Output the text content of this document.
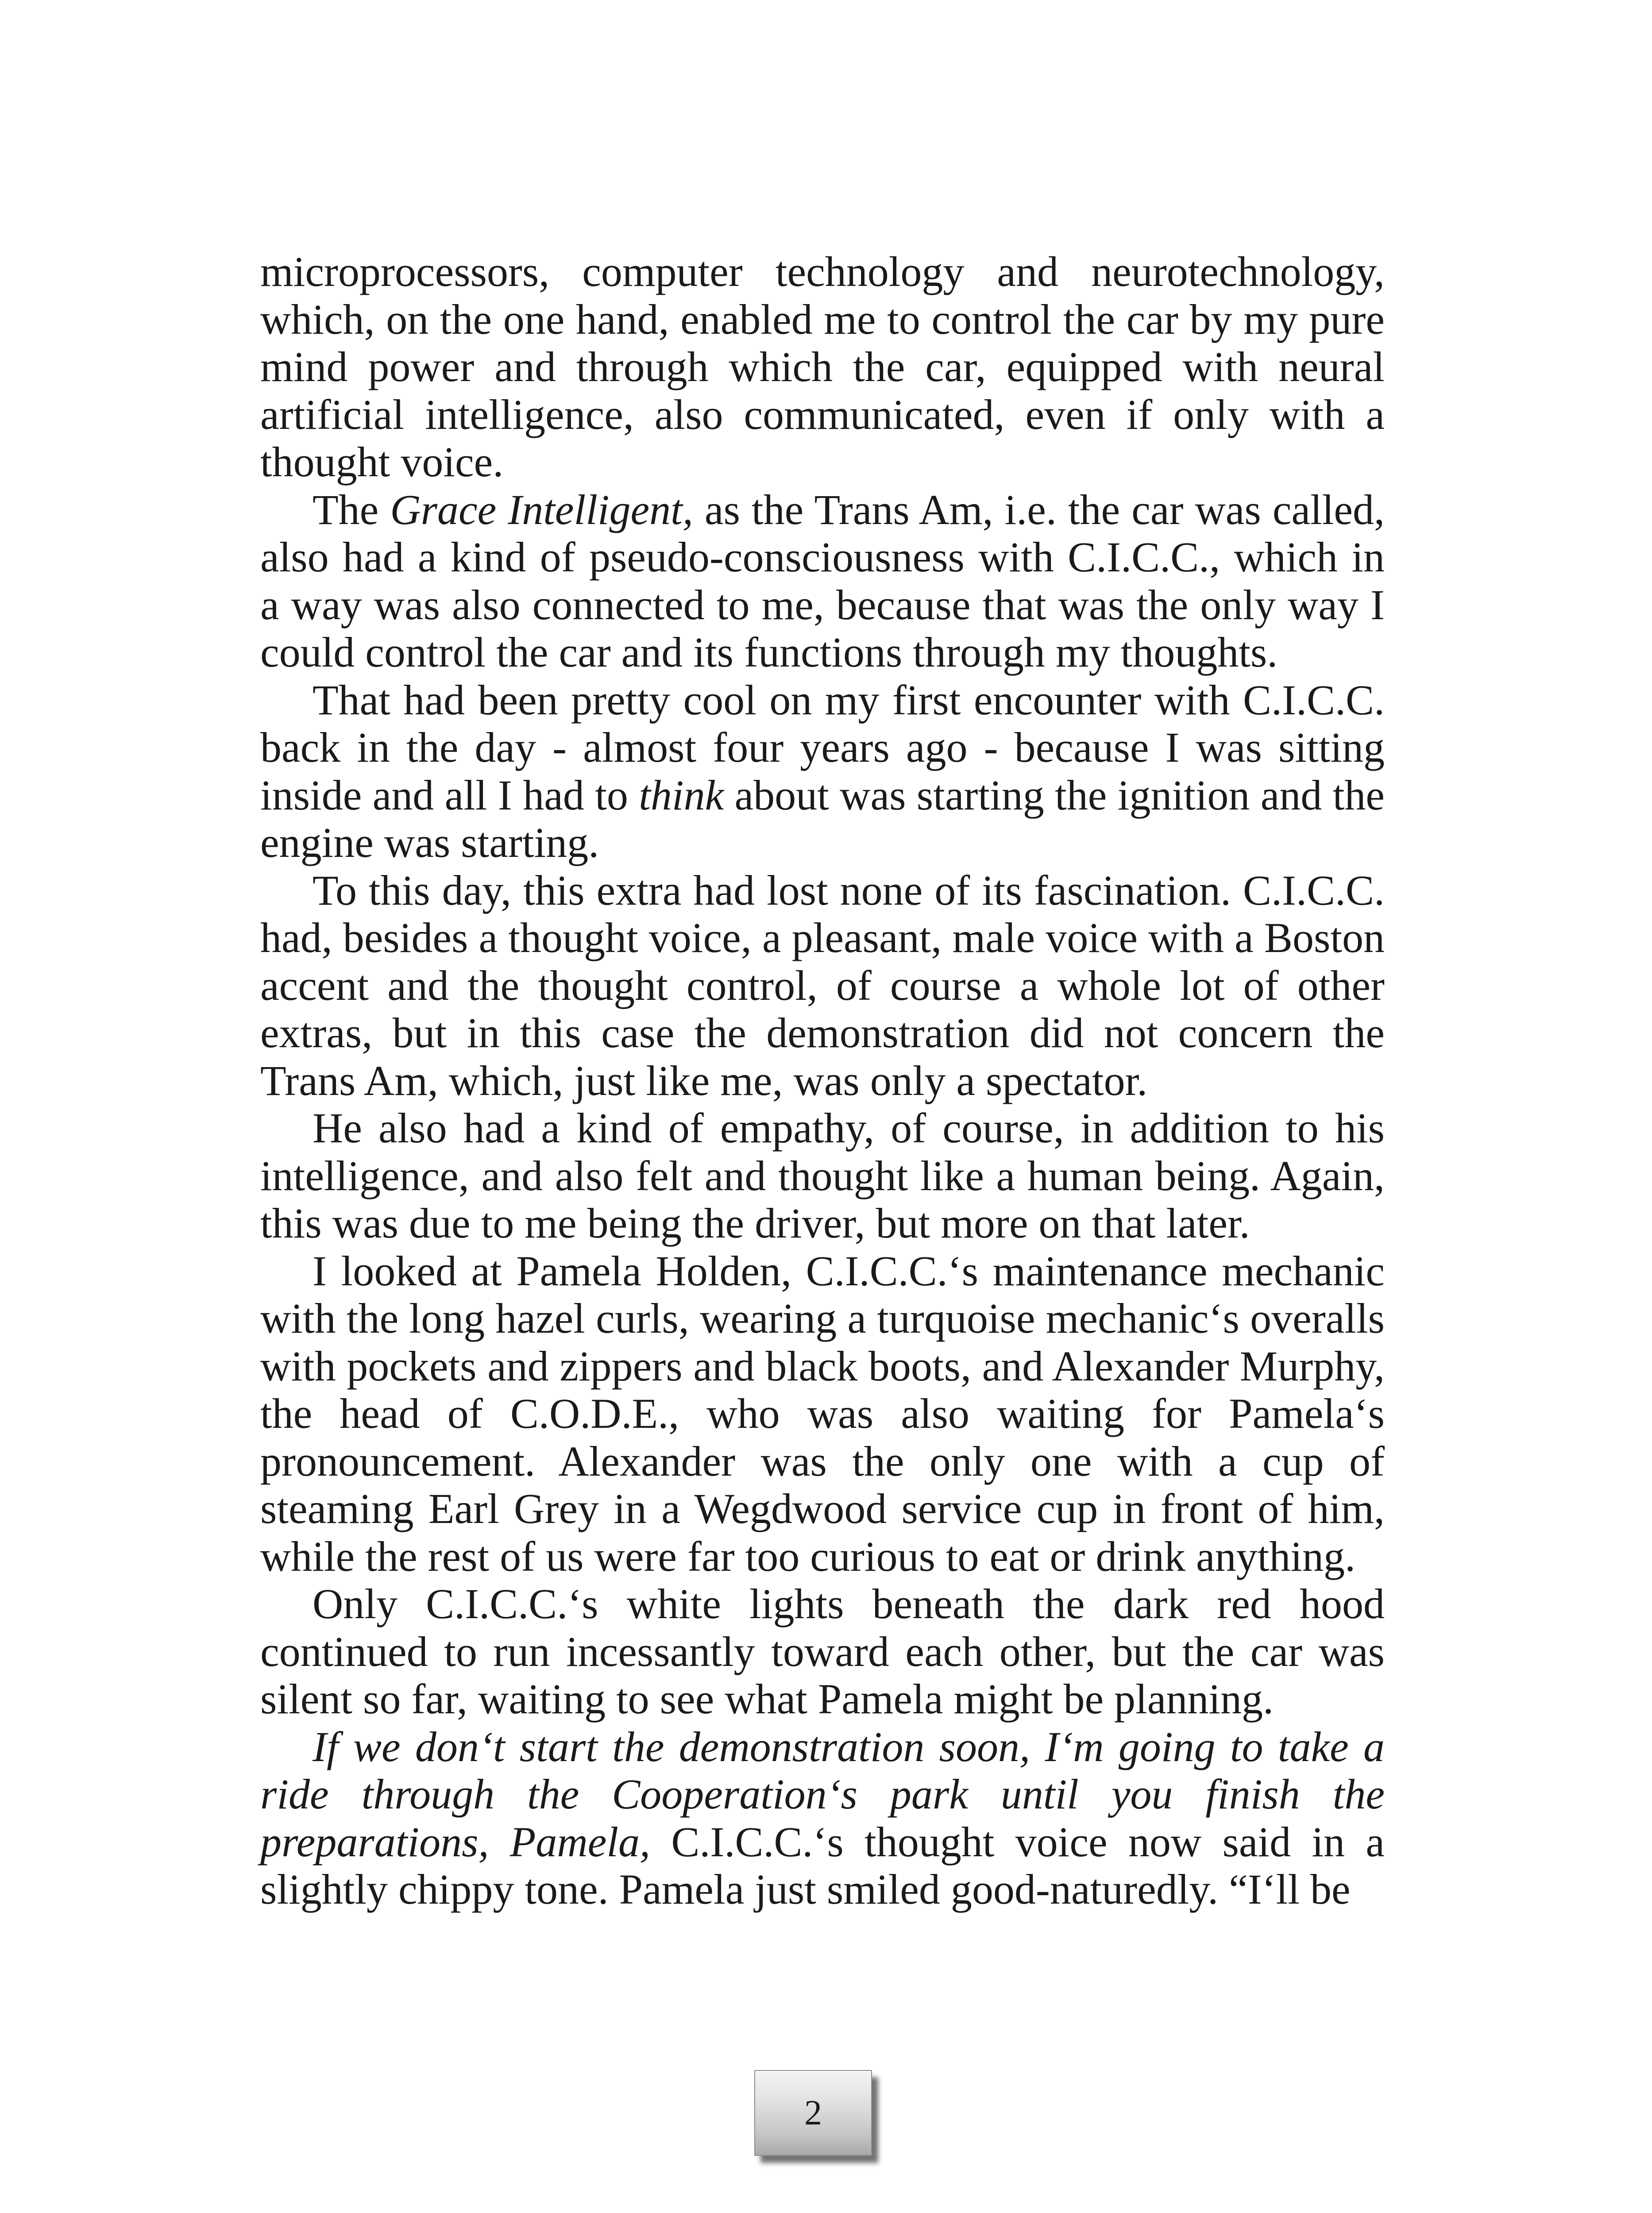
microprocessors, computer technology and neurotechnology, which, on the one hand, enabled me to control the car by my pure mind power and through which the car, equipped with neural artificial intelligence, also communicated, even if only with a thought voice.

The Grace Intelligent, as the Trans Am, i.e. the car was called, also had a kind of pseudo-consciousness with C.I.C.C., which in a way was also connected to me, because that was the only way I could control the car and its functions through my thoughts.

That had been pretty cool on my first encounter with C.I.C.C. back in the day - almost four years ago - because I was sitting inside and all I had to think about was starting the ignition and the engine was starting.

To this day, this extra had lost none of its fascination. C.I.C.C. had, besides a thought voice, a pleasant, male voice with a Boston accent and the thought control, of course a whole lot of other extras, but in this case the demonstration did not concern the Trans Am, which, just like me, was only a spectator.

He also had a kind of empathy, of course, in addition to his intelligence, and also felt and thought like a human being. Again, this was due to me being the driver, but more on that later.

I looked at Pamela Holden, C.I.C.C.‘s maintenance mechanic with the long hazel curls, wearing a turquoise mechanic‘s overalls with pockets and zippers and black boots, and Alexander Murphy, the head of C.O.D.E., who was also waiting for Pamela‘s pronouncement. Alexander was the only one with a cup of steaming Earl Grey in a Wegdwood service cup in front of him, while the rest of us were far too curious to eat or drink anything.

Only C.I.C.C.‘s white lights beneath the dark red hood continued to run incessantly toward each other, but the car was silent so far, waiting to see what Pamela might be planning.

If we don‘t start the demonstration soon, I‘m going to take a ride through the Cooperation‘s park until you finish the preparations, Pamela, C.I.C.C.‘s thought voice now said in a slightly chippy tone. Pamela just smiled good-naturedly. “I‘ll be

2
